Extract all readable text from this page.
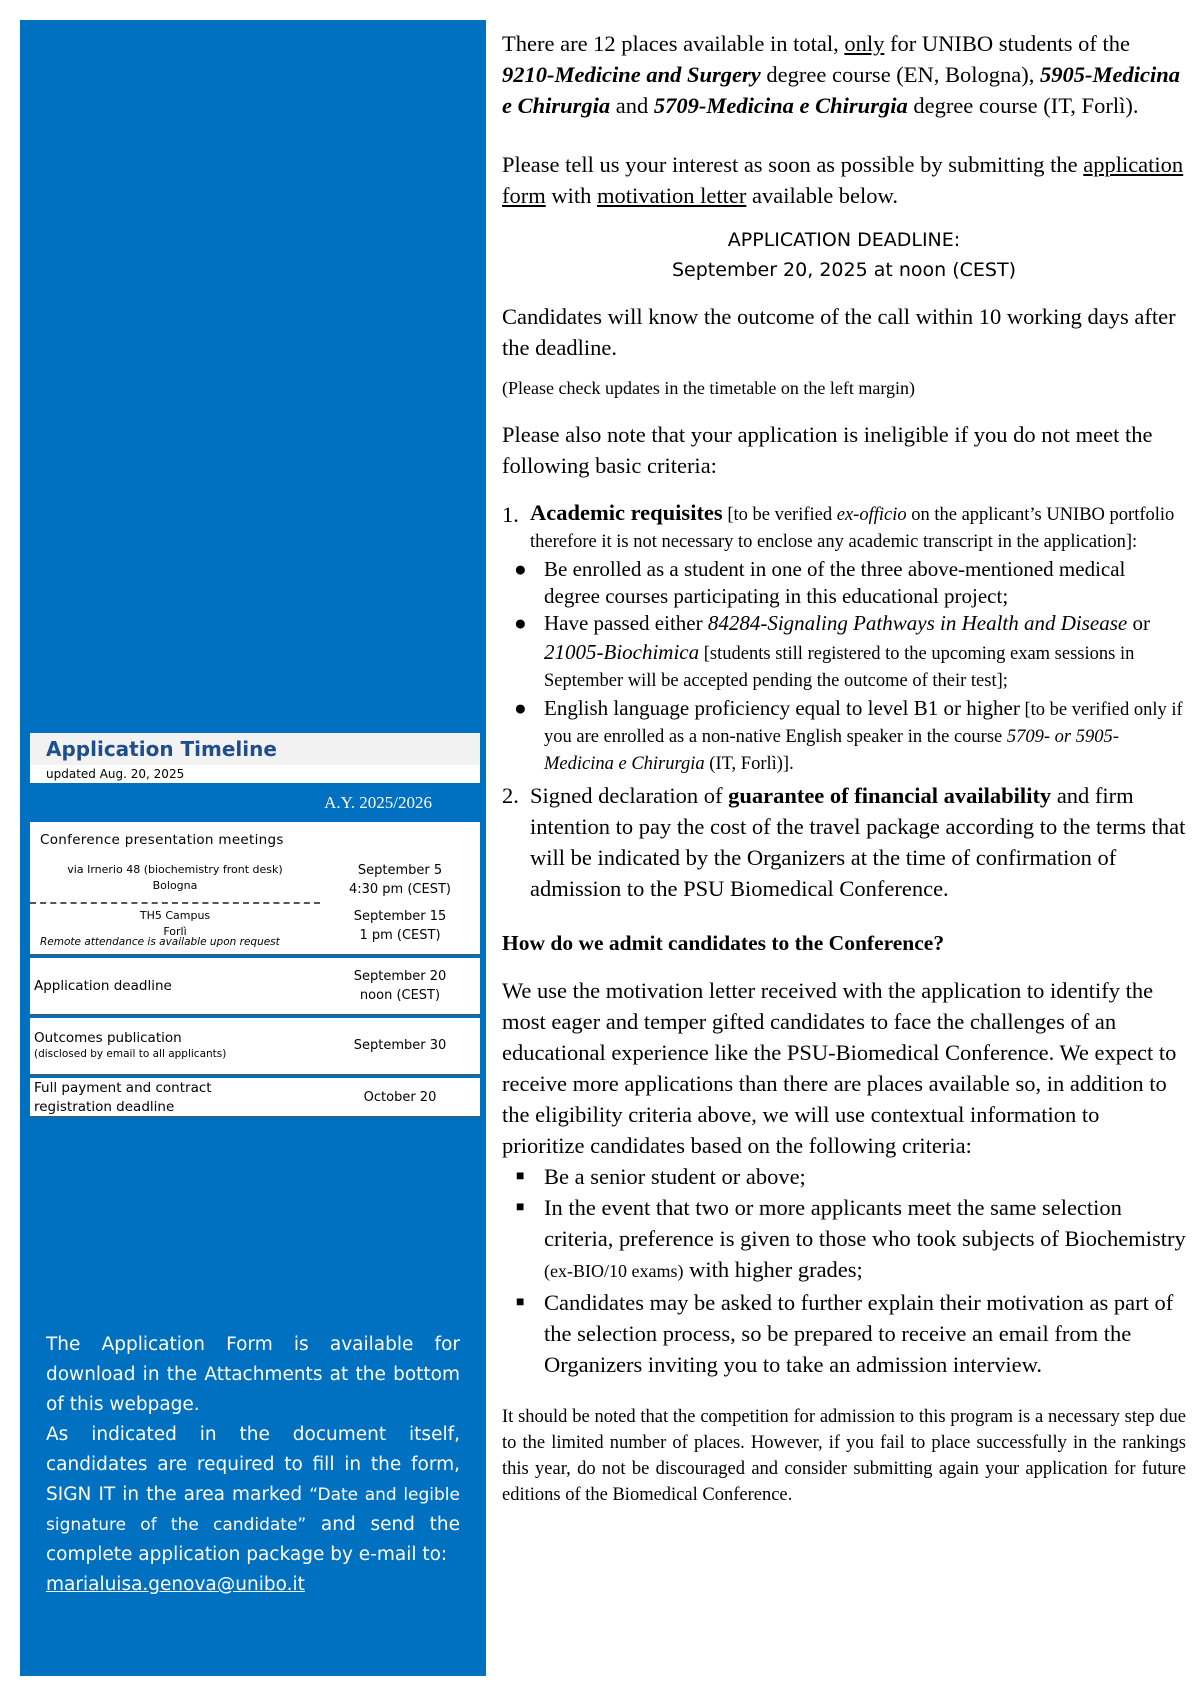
Application Timeline
updated Aug. 20, 2025
A.Y. 2025/2026
Conference presentation meetings
via Irnerio 48 (biochemistry front desk)
Bologna
September 5
4:30 pm (CEST)
TH5 Campus
Forlì
September 15
1 pm (CEST)
Remote attendance is available upon request
Application deadline
September 20
noon (CEST)
Outcomes publication
(disclosed by email to all applicants)
September 30
Full payment and contract
registration deadline
October 20

The Application Form is available for download in the Attachments at the bottom of this webpage.

As indicated in the document itself, candidates are required to fill in the form, SIGN IT in the area marked “Date and legible signature of the candidate” and send the complete application package by e-mail to:

marialuisa.genova@unibo.it

There are 12 places available in total, only for UNIBO students of the 9210-Medicine and Surgery degree course (EN, Bologna), 5905-Medicina e Chirurgia and 5709-Medicina e Chirurgia degree course (IT, Forlì).

Please tell us your interest as soon as possible by submitting the application form with motivation letter available below.

APPLICATION DEADLINE:
September 20, 2025 at noon (CEST)

Candidates will know the outcome of the call within 10 working days after the deadline.

(Please check updates in the timetable on the left margin)

Please also note that your application is ineligible if you do not meet the following basic criteria:

1. Academic requisites [to be verified ex-officio on the applicant’s UNIBO portfolio therefore it is not necessary to enclose any academic transcript in the application]:
● Be enrolled as a student in one of the three above-mentioned medical degree courses participating in this educational project;
● Have passed either 84284-Signaling Pathways in Health and Disease or 21005-Biochimica [students still registered to the upcoming exam sessions in September will be accepted pending the outcome of their test];
● English language proficiency equal to level B1 or higher [to be verified only if you are enrolled as a non-native English speaker in the course 5709- or 5905-Medicina e Chirurgia (IT, Forlì)].
2. Signed declaration of guarantee of financial availability and firm intention to pay the cost of the travel package according to the terms that will be indicated by the Organizers at the time of confirmation of admission to the PSU Biomedical Conference.

How do we admit candidates to the Conference?

We use the motivation letter received with the application to identify the most eager and temper gifted candidates to face the challenges of an educational experience like the PSU-Biomedical Conference. We expect to receive more applications than there are places available so, in addition to the eligibility criteria above, we will use contextual information to prioritize candidates based on the following criteria:

■ Be a senior student or above;
■ In the event that two or more applicants meet the same selection criteria, preference is given to those who took subjects of Biochemistry (ex-BIO/10 exams) with higher grades;
■ Candidates may be asked to further explain their motivation as part of the selection process, so be prepared to receive an email from the Organizers inviting you to take an admission interview.

It should be noted that the competition for admission to this program is a necessary step due to the limited number of places. However, if you fail to place successfully in the rankings this year, do not be discouraged and consider submitting again your application for future editions of the Biomedical Conference.
